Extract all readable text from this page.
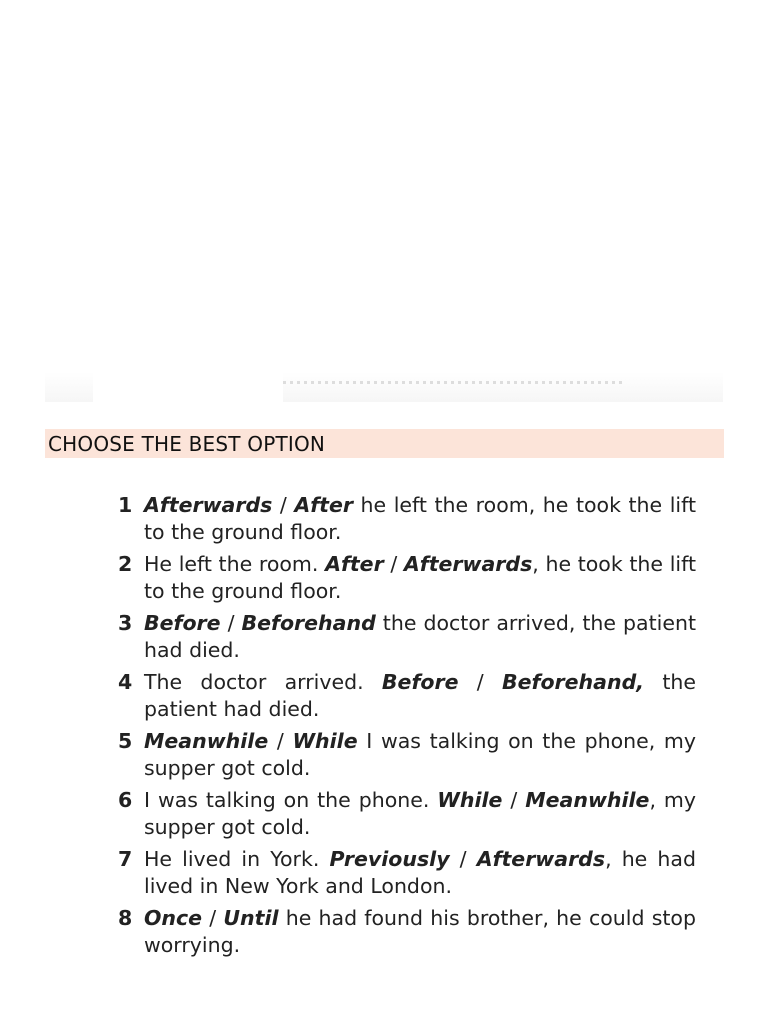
CHOOSE THE BEST OPTION
1 Afterwards / After he left the room, he took the lift to the ground floor.
2 He left the room. After / Afterwards, he took the lift to the ground floor.
3 Before / Beforehand the doctor arrived, the patient had died.
4 The doctor arrived. Before / Beforehand, the patient had died.
5 Meanwhile / While I was talking on the phone, my supper got cold.
6 I was talking on the phone. While / Meanwhile, my supper got cold.
7 He lived in York. Previously / Afterwards, he had lived in New York and London.
8 Once / Until he had found his brother, he could stop worrying.
